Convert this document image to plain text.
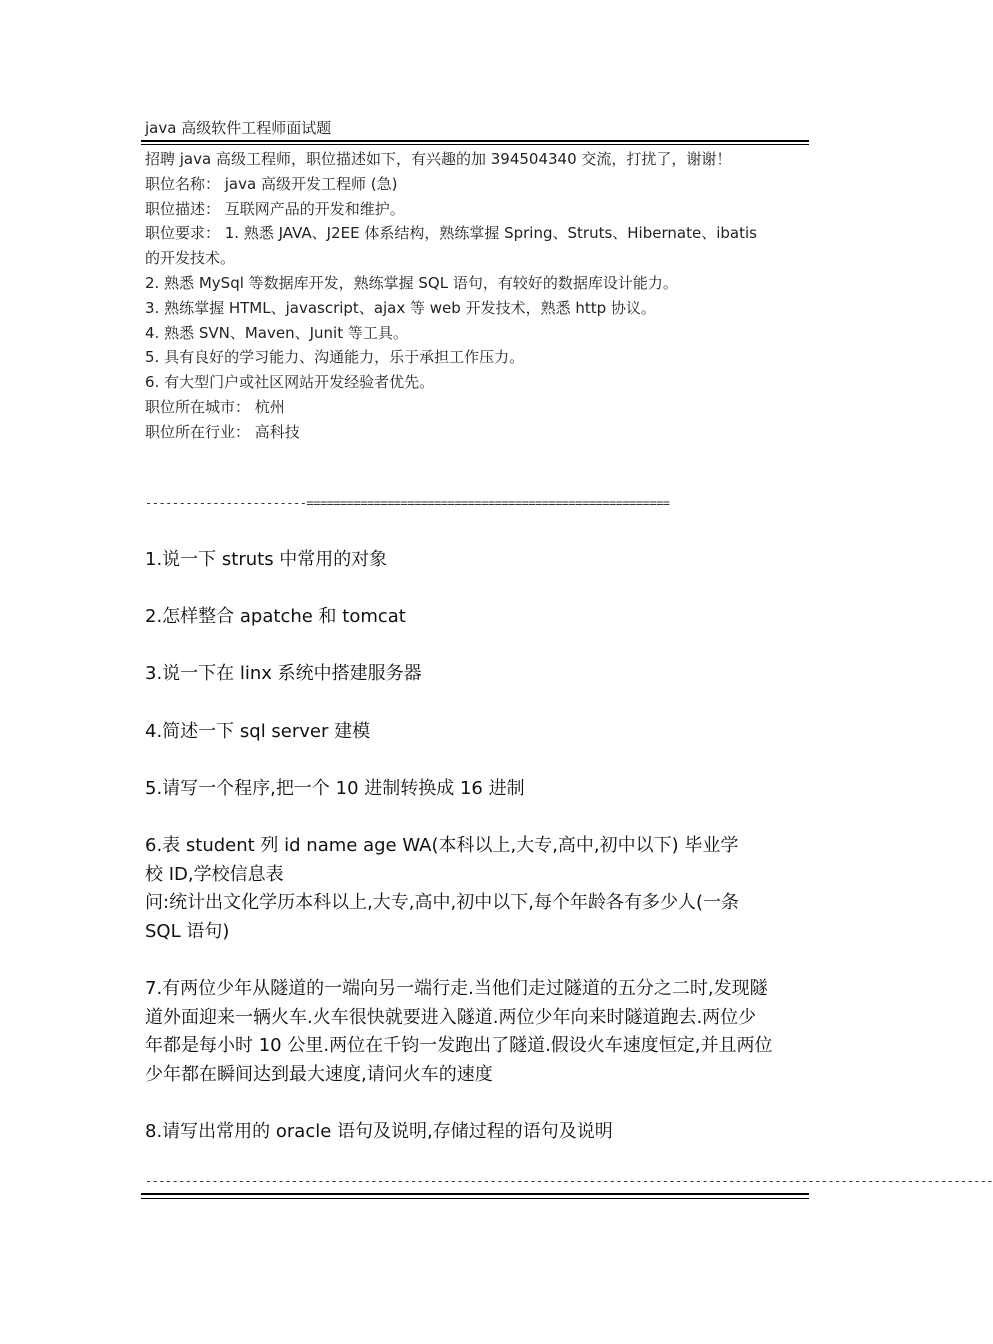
java 高级软件工程师面试题
招聘 java 高级工程师，职位描述如下，有兴趣的加 394504340 交流，打扰了，谢谢！
职位名称： java 高级开发工程师 (急)
职位描述： 互联网产品的开发和维护。
职位要求： 1. 熟悉 JAVA、J2EE 体系结构，熟练掌握 Spring、Struts、Hibernate、ibatis
的开发技术。
2. 熟悉 MySql 等数据库开发，熟练掌握 SQL 语句，有较好的数据库设计能力。
3. 熟练掌握 HTML、javascript、ajax 等 web 开发技术，熟悉 http 协议。
4. 熟悉 SVN、Maven、Junit 等工具。
5. 具有良好的学习能力、沟通能力，乐于承担工作压力。
6. 有大型门户或社区网站开发经验者优先。
职位所在城市： 杭州
职位所在行业： 高科技
------------------------======================================================

1.说一下 struts 中常用的对象

2.怎样整合 apatche 和 tomcat

3.说一下在 linx 系统中搭建服务器

4.简述一下 sql server 建模

5.请写一个程序,把一个 10 进制转换成 16 进制

6.表 student 列 id name age WA(本科以上,大专,高中,初中以下) 毕业学

校 ID,学校信息表

问:统计出文化学历本科以上,大专,高中,初中以下,每个年龄各有多少人(一条

SQL 语句)

7.有两位少年从隧道的一端向另一端行走.当他们走过隧道的五分之二时,发现隧

道外面迎来一辆火车.火车很快就要进入隧道.两位少年向来时隧道跑去.两位少

年都是每小时 10 公里.两位在千钧一发跑出了隧道.假设火车速度恒定,并且两位

少年都在瞬间达到最大速度,请问火车的速度

8.请写出常用的 oracle 语句及说明,存储过程的语句及说明

--------------------------------------------------------------------------------------------------------------------------------
